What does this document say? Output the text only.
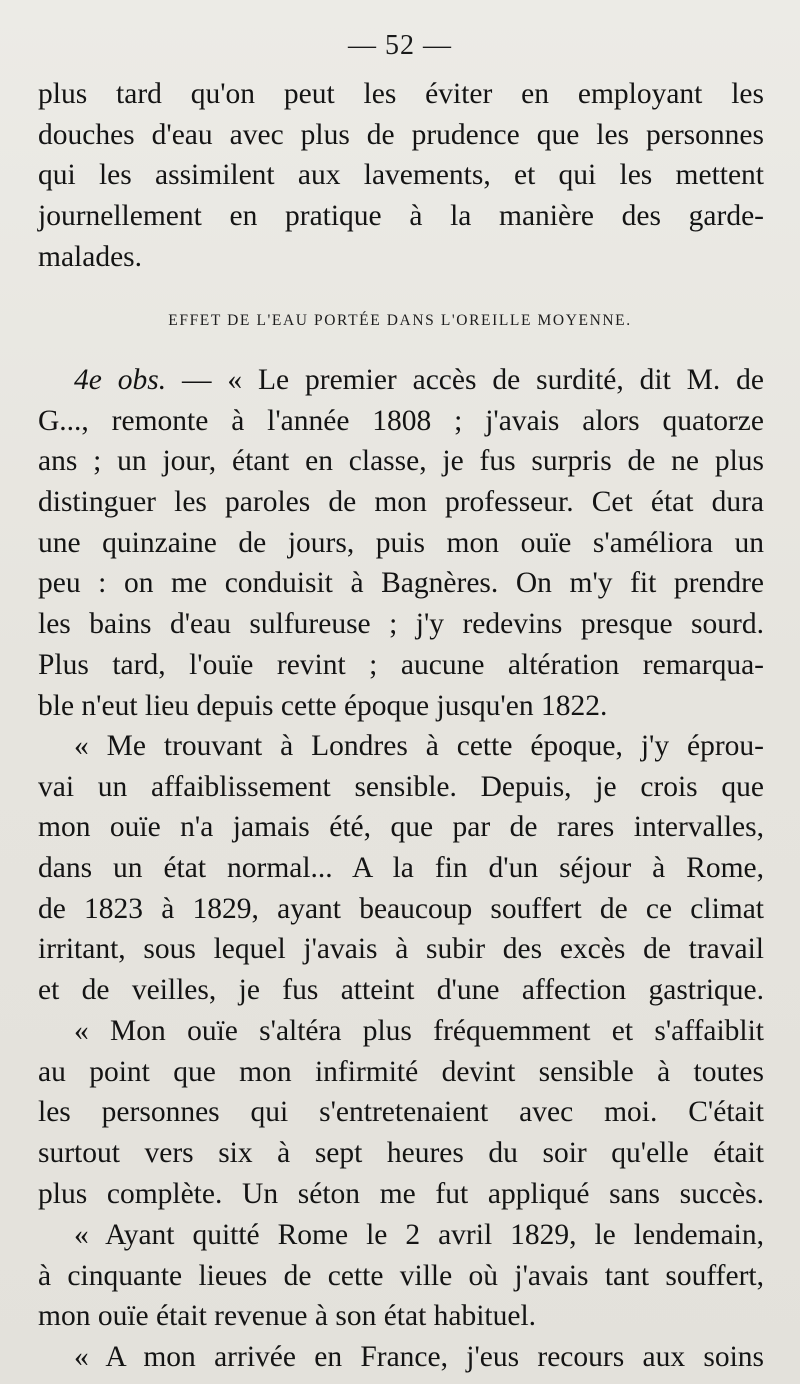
— 52 —
plus tard qu'on peut les éviter en employant les
douches d'eau avec plus de prudence que les personnes
qui les assimilent aux lavements, et qui les mettent
journellement en pratique à la manière des garde-
malades.
EFFET DE L'EAU PORTÉE DANS L'OREILLE MOYENNE.
4e obs. — « Le premier accès de surdité, dit M. de
G..., remonte à l'année 1808 ; j'avais alors quatorze
ans ; un jour, étant en classe, je fus surpris de ne plus
distinguer les paroles de mon professeur. Cet état dura
une quinzaine de jours, puis mon ouïe s'améliora un
peu : on me conduisit à Bagnères. On m'y fit prendre
les bains d'eau sulfureuse ; j'y redevins presque sourd.
Plus tard, l'ouïe revint ; aucune altération remarqua-
ble n'eut lieu depuis cette époque jusqu'en 1822.
« Me trouvant à Londres à cette époque, j'y éprou-
vai un affaiblissement sensible. Depuis, je crois que
mon ouïe n'a jamais été, que par de rares intervalles,
dans un état normal... A la fin d'un séjour à Rome,
de 1823 à 1829, ayant beaucoup souffert de ce climat
irritant, sous lequel j'avais à subir des excès de travail
et de veilles, je fus atteint d'une affection gastrique.
« Mon ouïe s'altéra plus fréquemment et s'affaiblit
au point que mon infirmité devint sensible à toutes
les personnes qui s'entretenaient avec moi. C'était
surtout vers six à sept heures du soir qu'elle était
plus complète. Un séton me fut appliqué sans succès.
« Ayant quitté Rome le 2 avril 1829, le lendemain,
à cinquante lieues de cette ville où j'avais tant souffert,
mon ouïe était revenue à son état habituel.
« A mon arrivée en France, j'eus recours aux soins
